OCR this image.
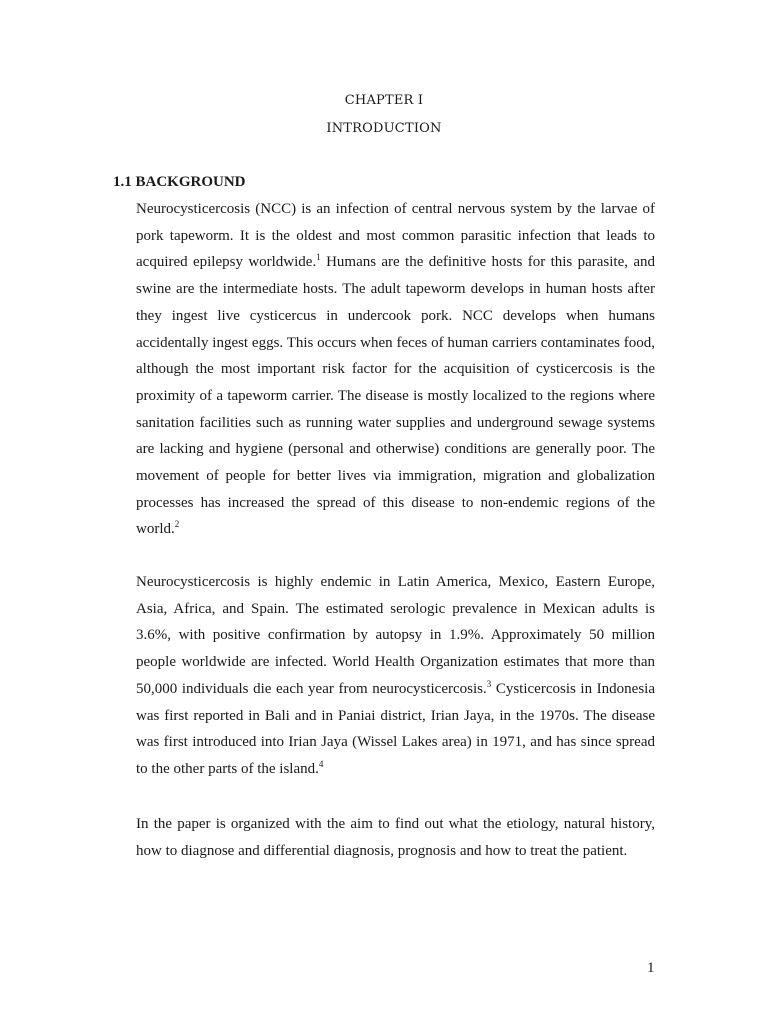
CHAPTER I
INTRODUCTION
1.1 BACKGROUND

Neurocysticercosis (NCC) is an infection of central nervous system by the larvae of pork tapeworm. It is the oldest and most common parasitic infection that leads to acquired epilepsy worldwide.$^1$ Humans are the definitive hosts for this parasite, and swine are the intermediate hosts. The adult tapeworm develops in human hosts after they ingest live cysticercus in undercook pork. NCC develops when humans accidentally ingest eggs. This occurs when feces of human carriers contaminates food, although the most important risk factor for the acquisition of cysticercosis is the proximity of a tapeworm carrier. The disease is mostly localized to the regions where sanitation facilities such as running water supplies and underground sewage systems are lacking and hygiene (personal and otherwise) conditions are generally poor. The movement of people for better lives via immigration, migration and globalization processes has increased the spread of this disease to non-endemic regions of the world.$^2$

Neurocysticercosis is highly endemic in Latin America, Mexico, Eastern Europe, Asia, Africa, and Spain. The estimated serologic prevalence in Mexican adults is 3.6%, with positive confirmation by autopsy in 1.9%. Approximately 50 million people worldwide are infected. World Health Organization estimates that more than 50,000 individuals die each year from neurocysticercosis.$^3$ Cysticercosis in Indonesia was first reported in Bali and in Paniai district, Irian Jaya, in the 1970s. The disease was first introduced into Irian Jaya (Wissel Lakes area) in 1971, and has since spread to the other parts of the island.$^4$

In the paper is organized with the aim to find out what the etiology, natural history, how to diagnose and differential diagnosis, prognosis and how to treat the patient.

1
